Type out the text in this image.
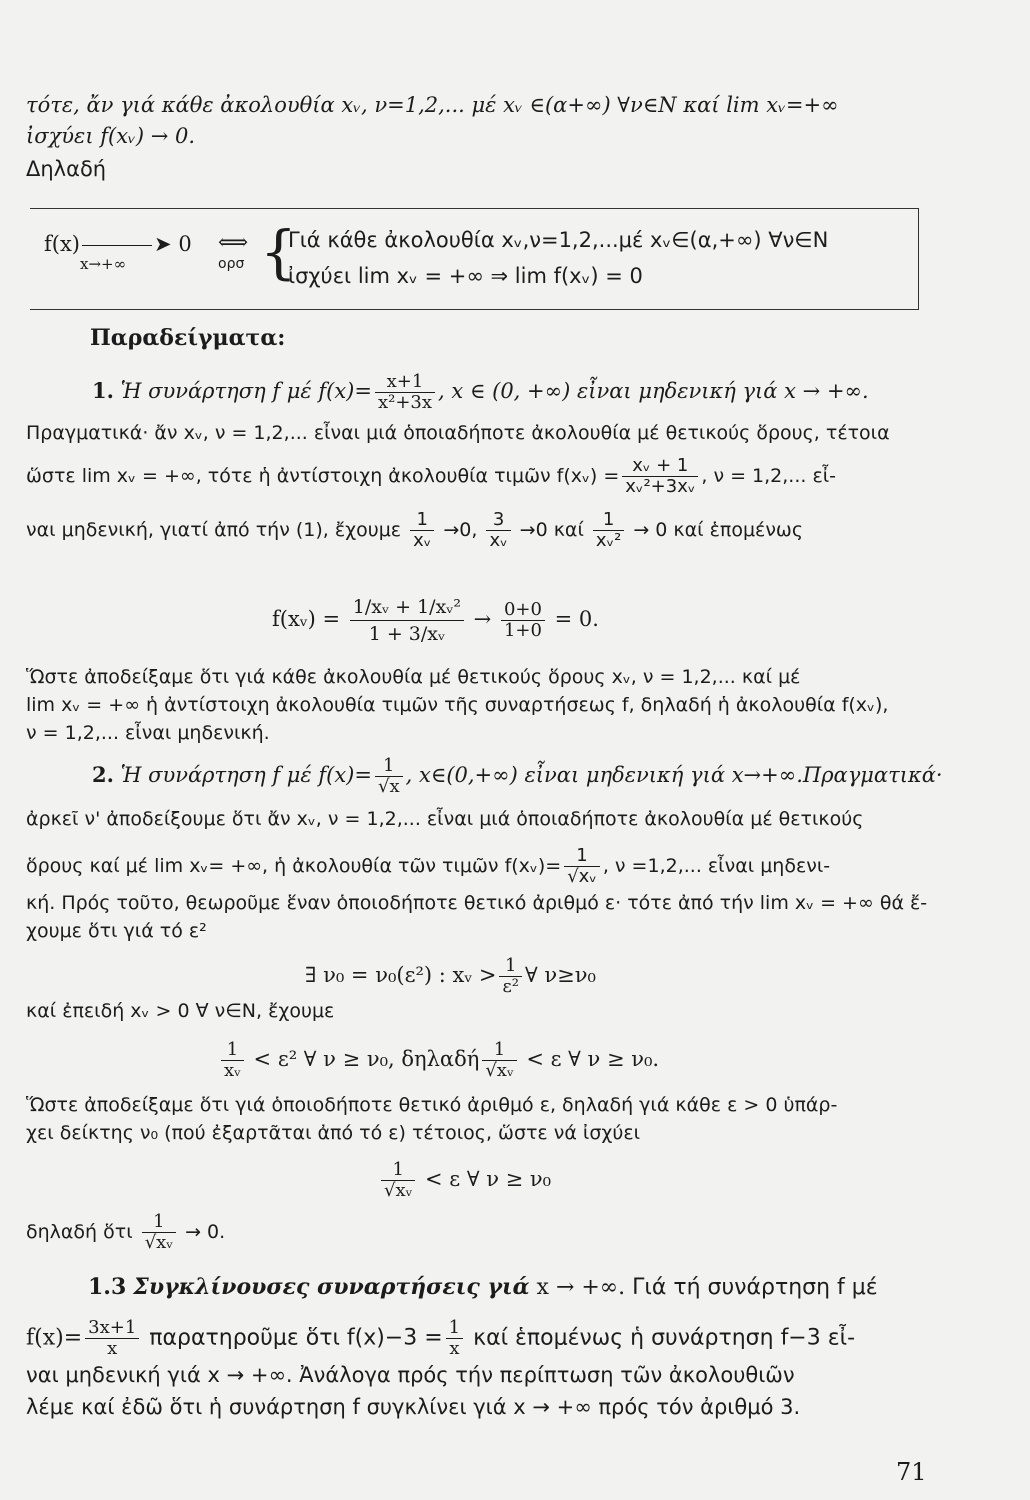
τότε, ἄν γιά κάθε ἀκολουθία xᵥ, ν=1,2,... μέ xᵥ ∈(α+∞) ∀ν∈N καί lim xᵥ=+∞
ἰσχύει f(xᵥ) → 0.
Δηλαδή
f(x)	➤ 0
x→+∞
⟺
ορσ {
Γιά κάθε ἀκολουθία xᵥ,ν=1,2,...μέ xᵥ∈(α,+∞) ∀ν∈N
ἰσχύει lim xᵥ = +∞ ⇒ lim f(xᵥ) = 0
Παραδείγματα:
1. Ἡ συνάρτηση f μέ $f(x)= \frac{x+1}{\text{x²+3x}}$ , x ∈ (0, +∞) εἶναι μηδενική γιά x → +∞.
Πραγματικά· ἄν xᵥ, ν = 1,2,... εἶναι μιά ὁποιαδήποτε ἀκολουθία μέ θετικούς ὅρους, τέτοια
ὥστε lim xᵥ = +∞, τότε ἡ ἀντίστοιχη ἀκολουθία τιμῶν f(xᵥ) = $\frac{\text{xᵥ + 1}}{\text{xᵥ²+3xᵥ}}$ , ν = 1,2,... εἶ-
ναι μηδενική, γιατί ἀπό τήν (1), ἔχουμε $\frac{1}{\text{xᵥ}} \to 0$, $\frac{3}{\text{xᵥ}} \to 0$ καί $\frac{1}{\text{xᵥ²}} \to 0$ καί ἑπομένως
f(xᵥ) = $\frac{\text{1/xᵥ + 1/xᵥ²}}{\text{1 + 3/xᵥ}} \to \frac{0+0}{1+0} = 0$.
Ὥστε ἀποδείξαμε ὅτι γιά κάθε ἀκολουθία μέ θετικούς ὅρους xᵥ, ν = 1,2,... καί μέ
lim xᵥ = +∞ ἡ ἀντίστοιχη ἀκολουθία τιμῶν τῆς συναρτήσεως f, δηλαδή ἡ ἀκολουθία f(xᵥ),
ν = 1,2,... εἶναι μηδενική.
2. Ἡ συνάρτηση f μέ $f(x)= \frac{1}{√x}$ , x∈(0,+∞) εἶναι μηδενική γιά x→+∞.Πραγματικά·
ἀρκεῖ ν' ἀποδείξουμε ὅτι ἄν xᵥ, ν = 1,2,... εἶναι μιά ὁποιαδήποτε ἀκολουθία μέ θετικούς
ὅρους καί μέ lim xᵥ= +∞, ἡ ἀκολουθία τῶν τιμῶν f(xᵥ)= $\frac{1}{\text{√xᵥ}}$ , ν =1,2,... εἶναι μηδενι-
κή. Πρός τοῦτο, θεωροῦμε ἕναν ὁποιοδήποτε θετικό ἀριθμό ε· τότε ἀπό τήν lim xᵥ = +∞ θά ἔ-
χουμε ὅτι γιά τό ε²
∃ ν₀ = ν₀(ε²) : xᵥ > $\frac{1}{\text{ε²}}$ ∀ ν≥ν₀
καί ἐπειδή xᵥ > 0 ∀ ν∈N, ἔχουμε
$\frac{1}{\text{xᵥ}} < \varepsilon^2$ ∀ ν ≥ ν₀, δηλαδή $\frac{1}{\text{√xᵥ}} < \varepsilon$ ∀ ν ≥ ν₀.
Ὥστε ἀποδείξαμε ὅτι γιά ὁποιοδήποτε θετικό ἀριθμό ε, δηλαδή γιά κάθε ε > 0 ὑπάρ-
χει δείκτης ν₀ (πού ἐξαρτᾶται ἀπό τό ε) τέτοιος, ὥστε νά ἰσχύει
$\frac{1}{\text{√xᵥ}} < \varepsilon$ ∀ ν ≥ ν₀
δηλαδή ὅτι $\frac{1}{\text{√xᵥ}} \to 0$.
1.3 Συγκλίνουσες συναρτήσεις γιά x → +∞. Γιά τή συνάρτηση f μέ
$f(x)= \frac{3x+1}{x}$ παρατηροῦμε ὅτι $f(x)-3 = \frac{1}{x}$ καί ἑπομένως ἡ συνάρτηση f−3 εἶ-
ναι μηδενική γιά x → +∞. Ἀνάλογα πρός τήν περίπτωση τῶν ἀκολουθιῶν
λέμε καί ἐδῶ ὅτι ἡ συνάρτηση f συγκλίνει γιά x → +∞ πρός τόν ἀριθμό 3.
71
